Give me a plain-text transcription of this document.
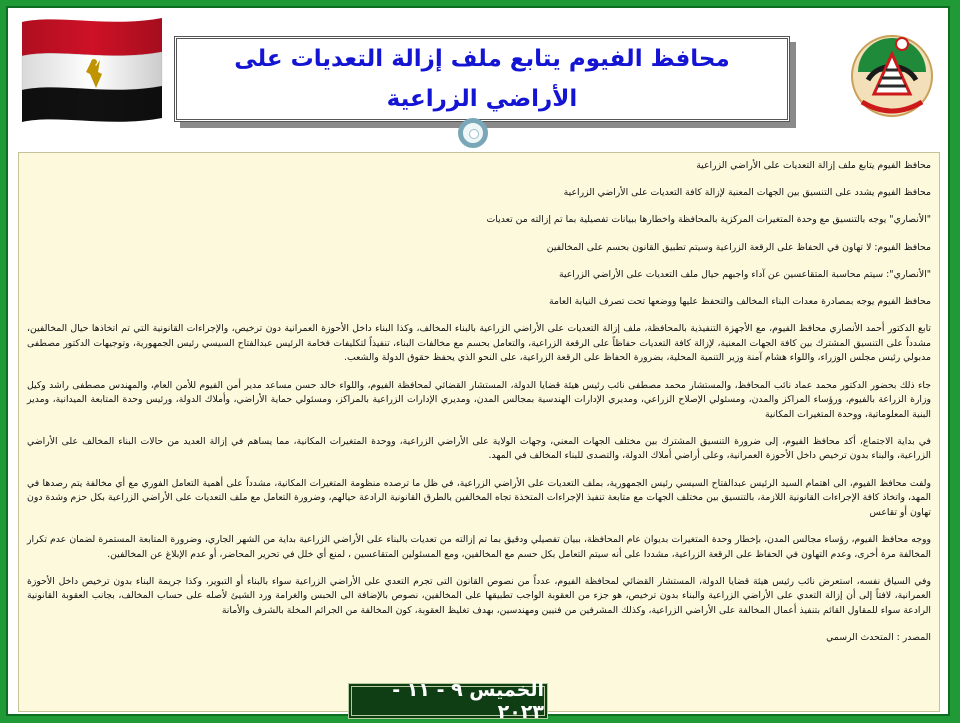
محافظ الفيوم يتابع ملف إزالة التعديات على الأراضي الزراعية

محافظ الفيوم يتابع ملف إزالة التعديات على الأراضي الزراعية

محافظ الفيوم يشدد على التنسيق بين الجهات المعنية لإزالة كافة التعديات على الأراضي الزراعية

"الأنصاري" يوجه بالتنسيق مع وحدة المتغيرات المركزية بالمحافظة واخطارها ببيانات تفصيلية بما تم إزالته من تعديات

محافظ الفيوم: لا تهاون في الحفاظ على الرقعة الزراعية وسيتم تطبيق القانون بحسم على المخالفين

"الأنصاري": سيتم محاسبة المتقاعسين عن آداء واجبهم حيال ملف التعديات على الأراضي الزراعية

محافظ الفيوم يوجه بمصادرة معدات البناء المخالف والتحفظ عليها ووضعها تحت تصرف النيابة العامة

تابع الدكتور أحمد الأنصاري محافظ الفيوم، مع الأجهزة التنفيذية بالمحافظة، ملف إزالة التعديات على الأراضي الزراعية بالبناء المخالف، وكذا البناء داخل الأحوزة العمرانية دون ترخيص، والإجراءات القانونية التي تم اتخاذها حيال المخالفين، مشدداً على التنسيق المشترك بين كافة الجهات المعنية، لإزالة كافة التعديات حفاظاً على الرقعة الزراعية، والتعامل بحسم مع مخالفات البناء، تنفيذاً لتكليفات فخامة الرئيس عبدالفتاح السيسي رئيس الجمهورية، وتوجيهات الدكتور مصطفى مدبولي رئيس مجلس الوزراء، واللواء هشام آمنة وزير التنمية المحلية، بضرورة الحفاظ على الرقعة الزراعية، على النحو الذي يحفظ حقوق الدولة والشعب.

جاء ذلك بحضور الدكتور محمد عماد نائب المحافظ، والمستشار محمد مصطفى نائب رئيس هيئة قضايا الدولة، المستشار القضائي لمحافظة الفيوم، واللواء خالد حسن مساعد مدير أمن الفيوم للأمن العام، والمهندس مصطفى راشد وكيل وزارة الزراعة بالفيوم، ورؤساء المراكز والمدن، ومسئولي الإصلاح الزراعي، ومديري الإدارات الهندسية بمجالس المدن، ومديري الإدارات الزراعية بالمراكز، ومسئولي حماية الأراضي، وأملاك الدولة، ورئيس وحدة المتابعة الميدانية، ومدير البنية المعلوماتية، ووحدة المتغيرات المكانية

في بداية الاجتماع، أكد محافظ الفيوم، إلى ضرورة التنسيق المشترك بين مختلف الجهات المعني، وجهات الولاية على الأراضي الزراعية، ووحدة المتغيرات المكانية، مما يساهم في إزالة العديد من حالات البناء المخالف على الأراضي الزراعية، والبناء بدون ترخيص داخل الأحوزة العمرانية، وعلى أراضي أملاك الدولة، والتصدى للبناء المخالف في المهد.

ولفت محافظ الفيوم، الى اهتمام السيد الرئيس عبدالفتاح السيسي رئيس الجمهورية، بملف التعديات على الأراضي الزراعية، في ظل ما ترصده منظومة المتغيرات المكانية، مشدداً على أهمية التعامل الفوري مع أي مخالفة يتم رصدها في المهد، واتخاذ كافة الإجراءات القانونية اللازمة، بالتنسيق بين مختلف الجهات مع متابعة تنفيذ الإجراءات المتخذة تجاه المخالفين بالطرق القانونية الرادعة حيالهم، وضرورة التعامل مع ملف التعديات على الأراضي الزراعية بكل حزم وشدة دون تهاون أو تقاعس

ووجه محافظ الفيوم، رؤساء مجالس المدن، بإخطار وحدة المتغيرات بديوان عام المحافظة، ببيان تفصيلي ودقيق بما تم إزالته من تعديات بالبناء على الأراضي الزراعية بداية من الشهر الجاري، وضرورة المتابعة المستمرة لضمان عدم تكرار المخالفة مرة أخرى، وعدم التهاون في الحفاظ على الرقعة الزراعية، مشددا على أنه سيتم التعامل بكل حسم مع المخالفين، ومع المسئولين المتقاعسين ، لمنع أي خلل في تحرير المحاضر، أو عدم الإبلاغ عن المخالفين.

وفي السياق نفسه، استعرض نائب رئيس هيئة قضايا الدولة، المستشار القضائي لمحافظة الفيوم، عدداً من نصوص القانون التى تجرم التعدي على الأراضي الزراعية سواء بالبناء أو التبوير، وكذا جريمة البناء بدون ترخيص داخل الأحوزة العمرانية، لافتاً إلى أن إزالة التعدي على الأراضي الزراعية والبناء بدون ترخيص، هو جزء من العقوبة الواجب تطبيقها على المخالفين، نصوص بالإضافة الى الحبس والغرامة ورد الشيئ لأصله على حساب المخالف، بجانب العقوبة القانونية الرادعة سواء للمقاول القائم بتنفيذ أعمال المخالفة على الأراضي الزراعية، وكذلك المشرفين من فنيين ومهندسين، بهدف تغليظ العقوبة، كون المخالفة من الجرائم المخلة بالشرف والأمانة

المصدر : المتحدث الرسمي

الخميس ٩ - ١١ - ٢٠٢٣
